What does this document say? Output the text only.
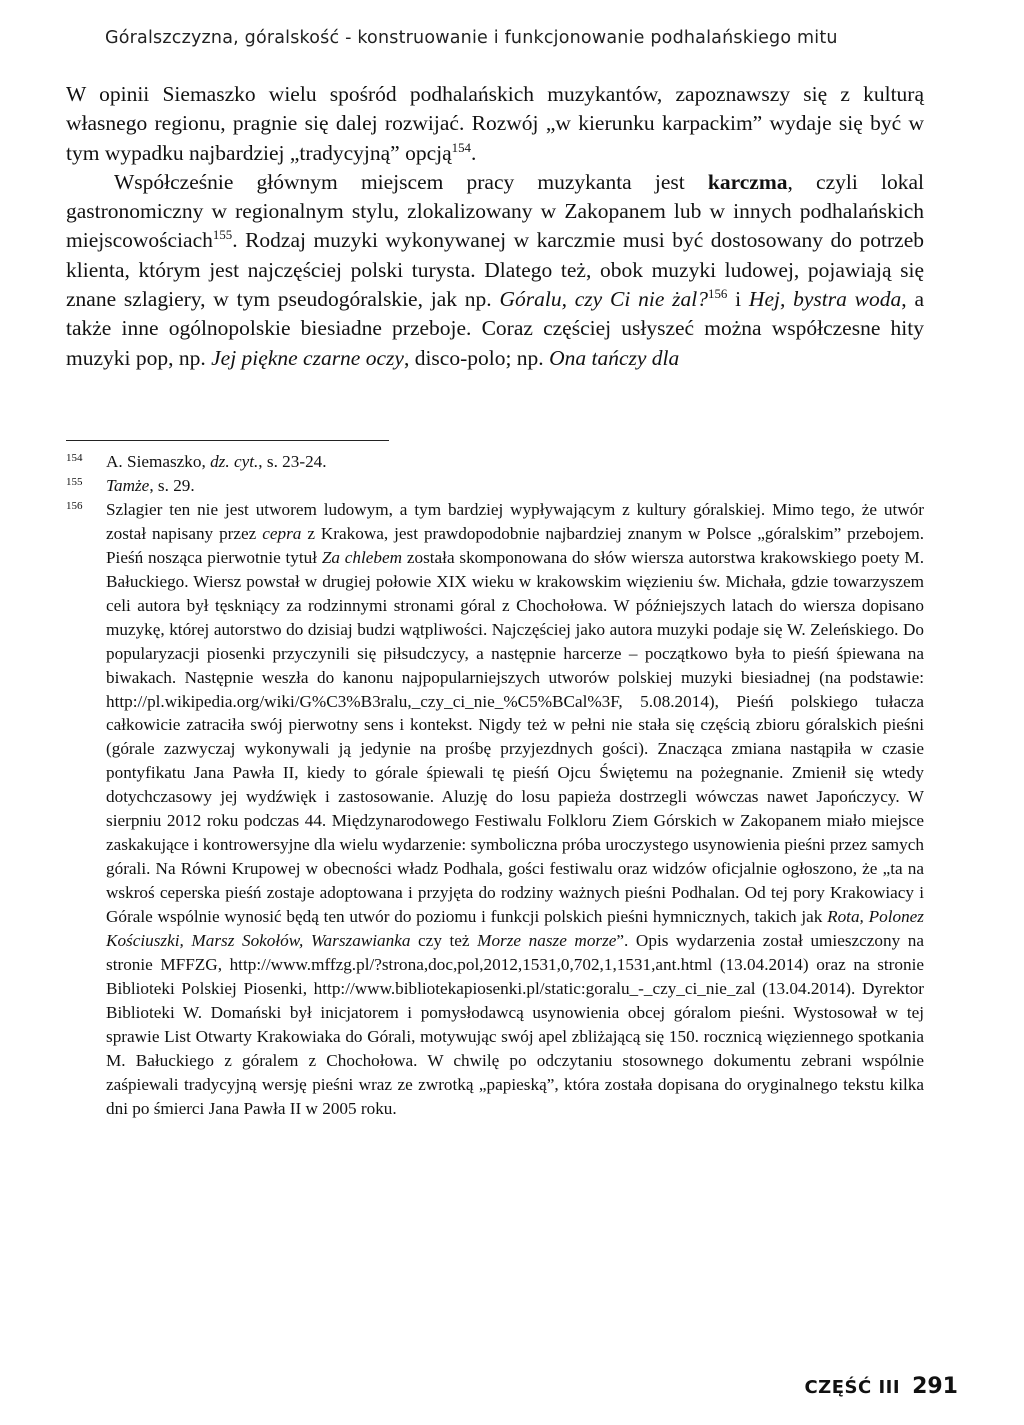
Góralszczyzna, góralskość - konstruowanie i funkcjonowanie podhalańskiego mitu

W opinii Siemaszko wielu spośród podhalańskich muzykantów, zapoznawszy się z kulturą własnego regionu, pragnie się dalej rozwijać. Rozwój „w kierunku karpackim” wydaje się być w tym wypadku najbardziej „tradycyjną” opcją$^{154}$.

Współcześnie głównym miejscem pracy muzykanta jest karczma, czyli lokal gastronomiczny w regionalnym stylu, zlokalizowany w Zakopanem lub w innych podhalańskich miejscowościach$^{155}$. Rodzaj muzyki wykonywanej w karczmie musi być dostosowany do potrzeb klienta, którym jest najczęściej polski turysta. Dlatego też, obok muzyki ludowej, pojawiają się znane szlagiery, w tym pseudogóralskie, jak np. Góralu, czy Ci nie żal?$^{156}$ i Hej, bystra woda, a także inne ogólnopolskie biesiadne przeboje. Coraz częściej usłyszeć można współczesne hity muzyki pop, np. Jej piękne czarne oczy, disco-polo; np. Ona tańczy dla

154 A. Siemaszko, dz. cyt., s. 23-24.
155 Tamże, s. 29.
156 Szlagier ten nie jest utworem ludowym, a tym bardziej wypływającym z kultury góralskiej. Mimo tego, że utwór został napisany przez cepra z Krakowa, jest prawdopodobnie najbardziej znanym w Polsce „góralskim” przebojem. Pieśń nosząca pierwotnie tytuł Za chlebem została skomponowana do słów wiersza autorstwa krakowskiego poety M. Bałuckiego. Wiersz powstał w drugiej połowie XIX wieku w krakowskim więzieniu św. Michała, gdzie towarzyszem celi autora był tęskniący za rodzinnymi stronami góral z Chochołowa. W późniejszych latach do wiersza dopisano muzykę, której autorstwo do dzisiaj budzi wątpliwości. Najczęściej jako autora muzyki podaje się W. Zeleńskiego. Do popularyzacji piosenki przyczynili się piłsudczycy, a następnie harcerze – początkowo była to pieśń śpiewana na biwakach. Następnie weszła do kanonu najpopularniejszych utworów polskiej muzyki biesiadnej (na podstawie: http://pl.wikipedia.org/wiki/G%C3%B3ralu,_czy_ci_nie_%C5%BCal%3F, 5.08.2014), Pieśń polskiego tułacza całkowicie zatraciła swój pierwotny sens i kontekst. Nigdy też w pełni nie stała się częścią zbioru góralskich pieśni (górale zazwyczaj wykonywali ją jedynie na prośbę przyjezdnych gości). Znacząca zmiana nastąpiła w czasie pontyfikatu Jana Pawła II, kiedy to górale śpiewali tę pieśń Ojcu Świętemu na pożegnanie. Zmienił się wtedy dotychczasowy jej wydźwięk i zastosowanie. Aluzję do losu papieża dostrzegli wówczas nawet Japończycy. W sierpniu 2012 roku podczas 44. Międzynarodowego Festiwalu Folkloru Ziem Górskich w Zakopanem miało miejsce zaskakujące i kontrowersyjne dla wielu wydarzenie: symboliczna próba uroczystego usynowienia pieśni przez samych górali. Na Równi Krupowej w obecności władz Podhala, gości festiwalu oraz widzów oficjalnie ogłoszono, że „ta na wskroś ceperska pieśń zostaje adoptowana i przyjęta do rodziny ważnych pieśni Podhalan. Od tej pory Krakowiacy i Górale wspólnie wynosić będą ten utwór do poziomu i funkcji polskich pieśni hymnicznych, takich jak Rota, Polonez Kościuszki, Marsz Sokołów, Warszawianka czy też Morze nasze morze”. Opis wydarzenia został umieszczony na stronie MFFZG, http://www.mffzg.pl/?strona,doc,pol,2012,1531,0,702,1,1531,ant.html (13.04.2014) oraz na stronie Biblioteki Polskiej Piosenki, http://www.bibliotekapiosenki.pl/static:goralu_-_czy_ci_nie_zal (13.04.2014). Dyrektor Biblioteki W. Domański był inicjatorem i pomysłodawcą usynowienia obcej góralom pieśni. Wystosował w tej sprawie List Otwarty Krakowiaka do Górali, motywując swój apel zbliżającą się 150. rocznicą więziennego spotkania M. Bałuckiego z góralem z Chochołowa. W chwilę po odczytaniu stosownego dokumentu zebrani wspólnie zaśpiewali tradycyjną wersję pieśni wraz ze zwrotką „papieską”, która została dopisana do oryginalnego tekstu kilka dni po śmierci Jana Pawła II w 2005 roku.
CZĘŚĆ III 291
